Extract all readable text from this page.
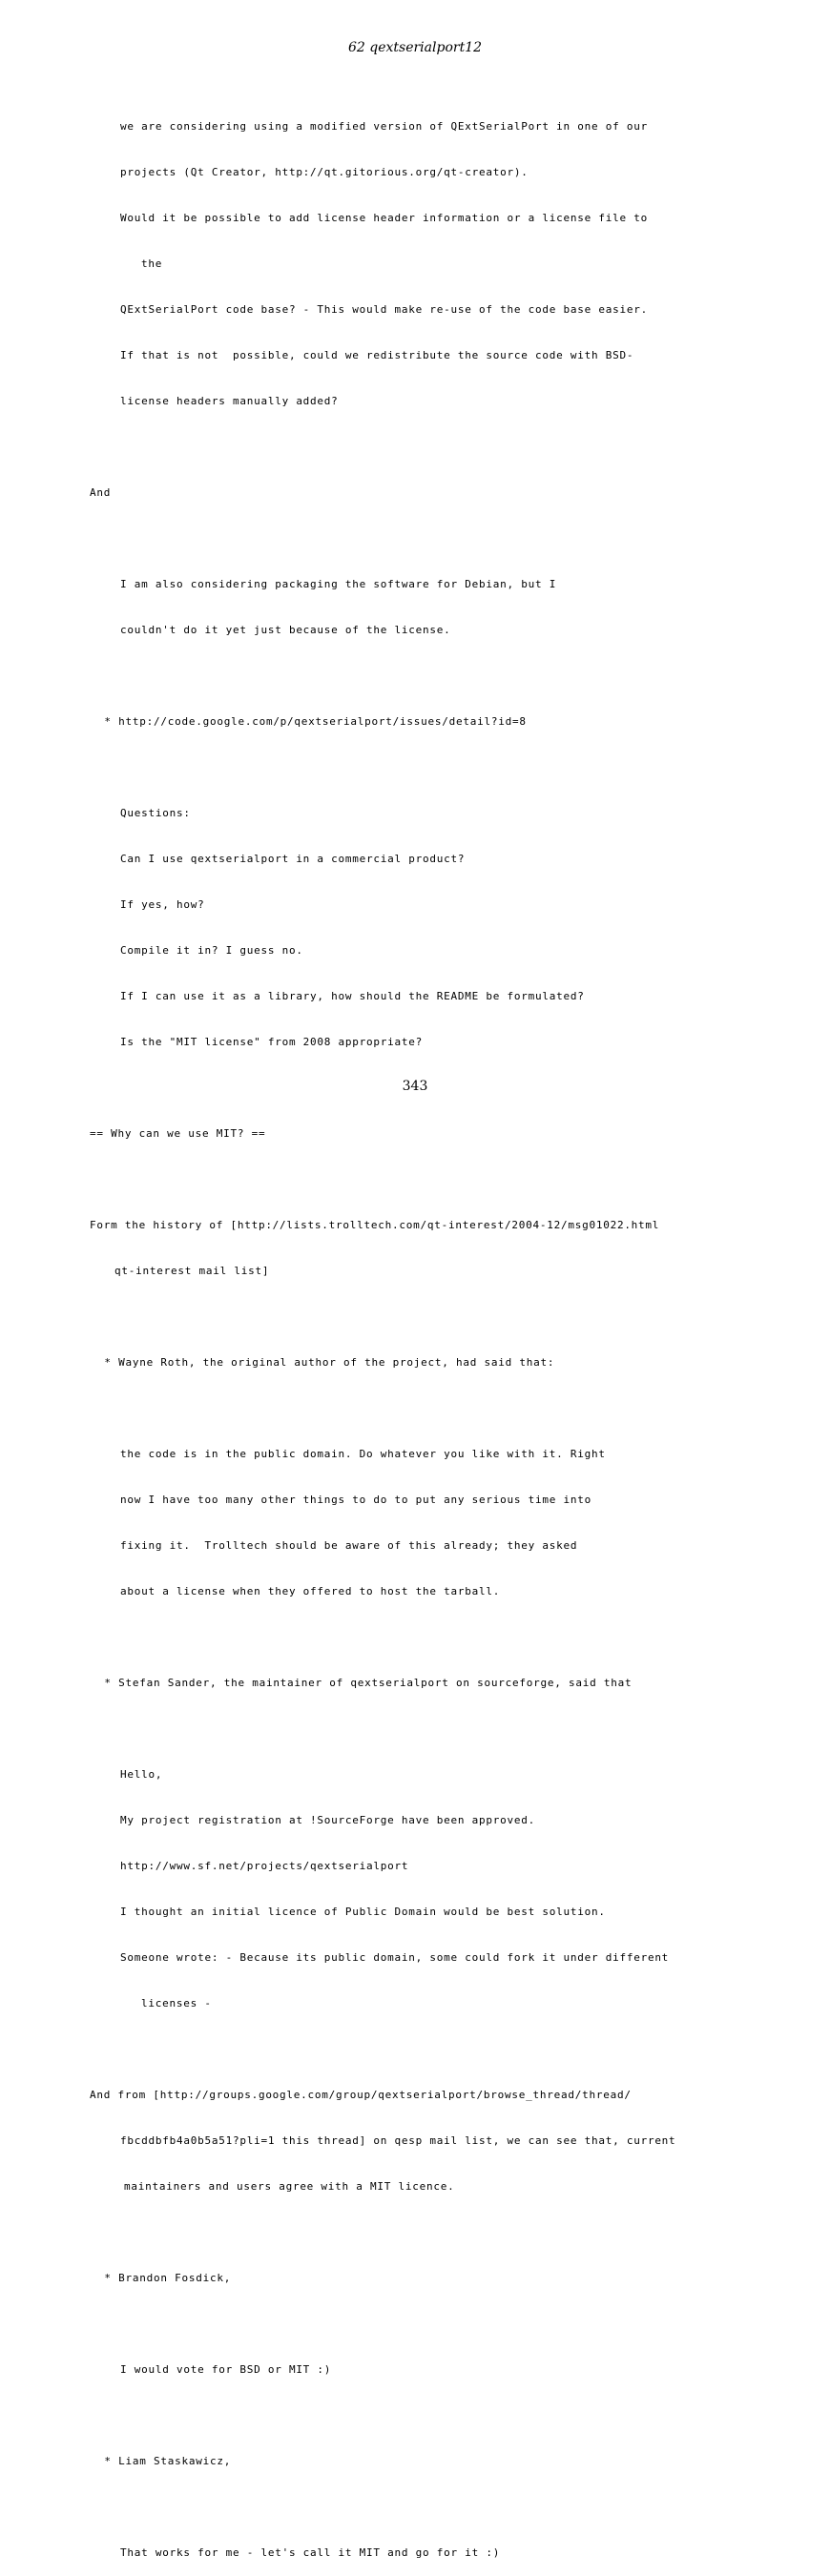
62 qextserialport12

we are considering using a modified version of QExtSerialPort in one of our

projects (Qt Creator, http://qt.gitorious.org/qt-creator).

Would it be possible to add license header information or a license file to

the

QExtSerialPort code base? - This would make re-use of the code base easier.

If that is not  possible, could we redistribute the source code with BSD-

license headers manually added?

And

I am also considering packaging the software for Debian, but I

couldn't do it yet just because of the license.

* http://code.google.com/p/qextserialport/issues/detail?id=8

Questions:

Can I use qextserialport in a commercial product?

If yes, how?

Compile it in? I guess no.

If I can use it as a library, how should the README be formulated?

Is the "MIT license" from 2008 appropriate?

== Why can we use MIT? ==

Form the history of [http://lists.trolltech.com/qt-interest/2004-12/msg01022.html

qt-interest mail list]

* Wayne Roth, the original author of the project, had said that:

the code is in the public domain. Do whatever you like with it. Right

now I have too many other things to do to put any serious time into

fixing it.  Trolltech should be aware of this already; they asked

about a license when they offered to host the tarball.

* Stefan Sander, the maintainer of qextserialport on sourceforge, said that

Hello,

My project registration at !SourceForge have been approved.

http://www.sf.net/projects/qextserialport

I thought an initial licence of Public Domain would be best solution.

Someone wrote: - Because its public domain, some could fork it under different

licenses -

And from [http://groups.google.com/group/qextserialport/browse_thread/thread/

fbcddbfb4a0b5a51?pli=1 this thread] on qesp mail list, we can see that, current

maintainers and users agree with a MIT licence.

* Brandon Fosdick,

I would vote for BSD or MIT :)

* Liam Staskawicz,

That works for me - let's call it MIT and go for it :)

343
